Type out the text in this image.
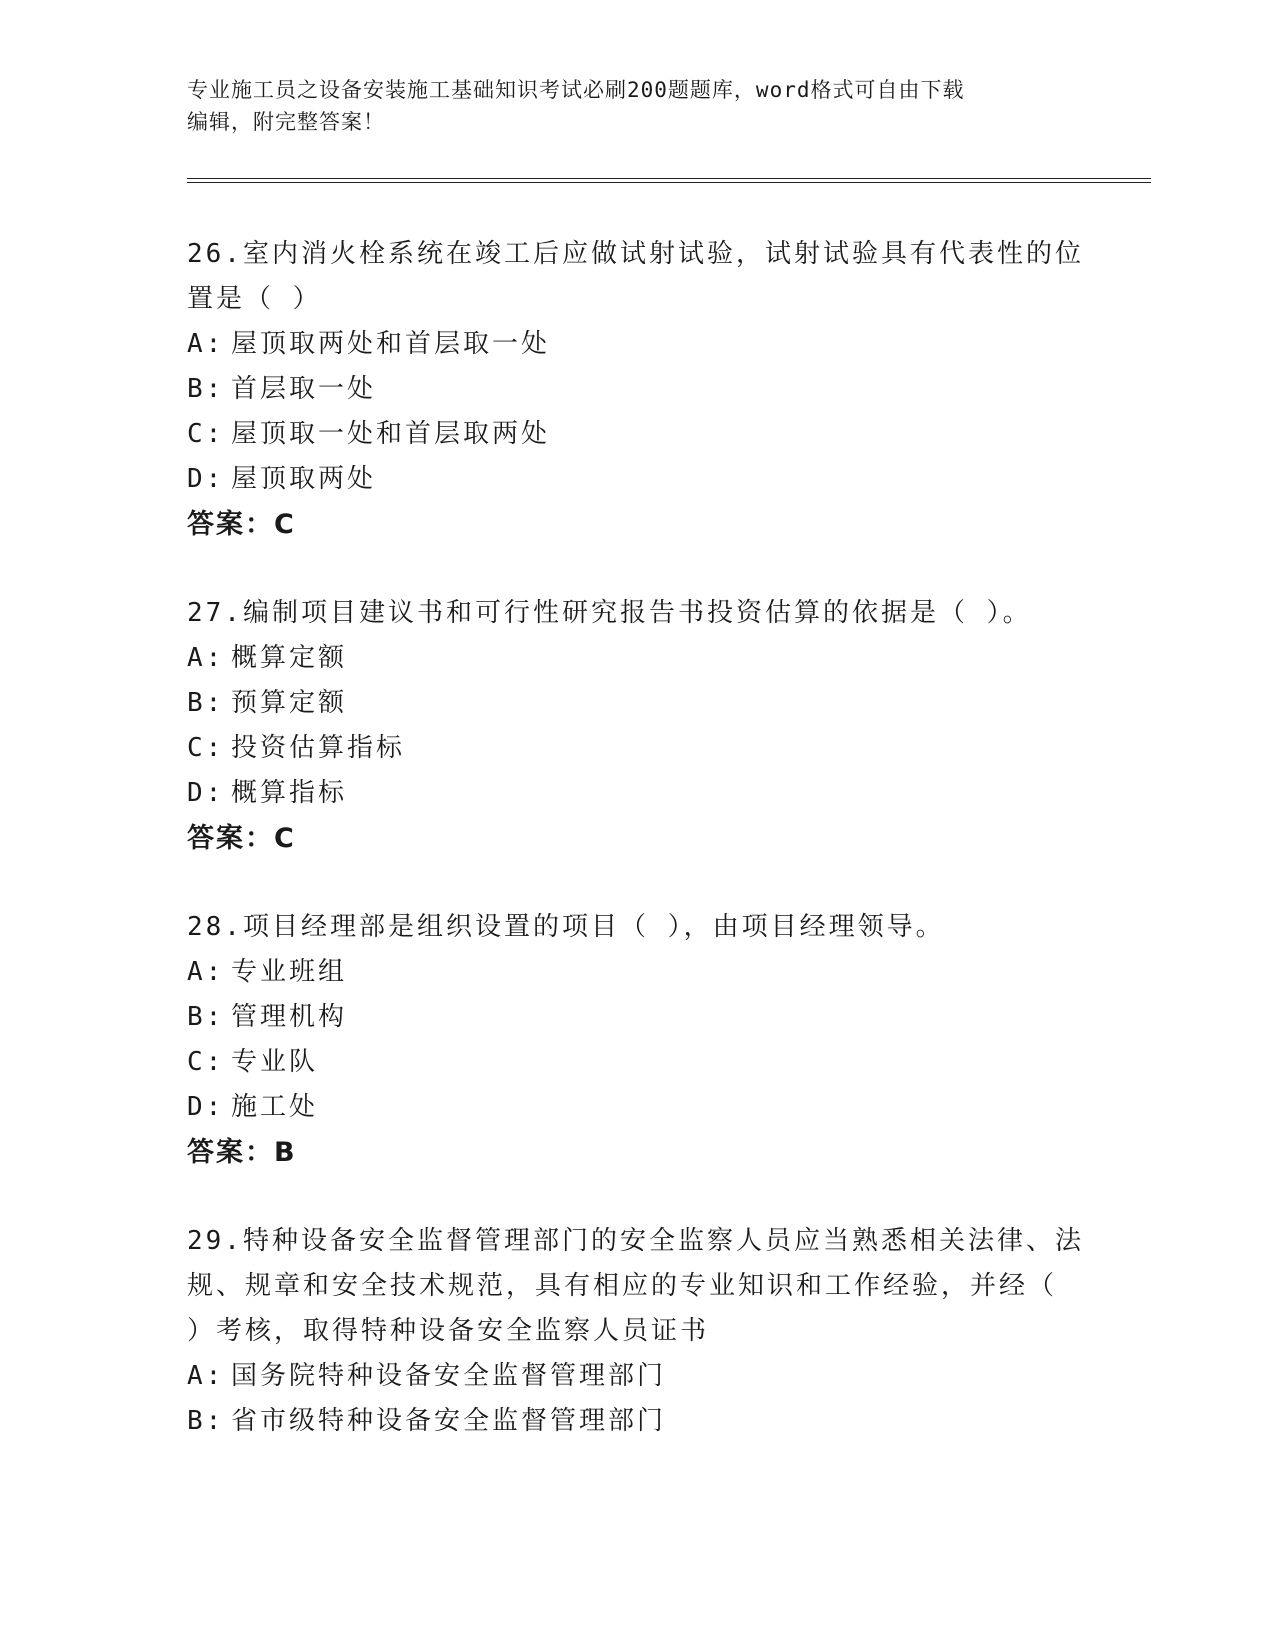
专业施工员之设备安装施工基础知识考试必刷200题题库，word格式可自由下载
编辑，附完整答案！
26.室内消火栓系统在竣工后应做试射试验，试射试验具有代表性的位
置是（ ）
A: 屋顶取两处和首层取一处
B: 首层取一处
C: 屋顶取一处和首层取两处
D: 屋顶取两处
答案：C
27.编制项目建议书和可行性研究报告书投资估算的依据是（ ）。
A: 概算定额
B: 预算定额
C: 投资估算指标
D: 概算指标
答案：C
28.项目经理部是组织设置的项目（ ），由项目经理领导。
A: 专业班组
B: 管理机构
C: 专业队
D: 施工处
答案：B
29.特种设备安全监督管理部门的安全监察人员应当熟悉相关法律、法
规、规章和安全技术规范，具有相应的专业知识和工作经验，并经（
）考核，取得特种设备安全监察人员证书
A: 国务院特种设备安全监督管理部门
B: 省市级特种设备安全监督管理部门
